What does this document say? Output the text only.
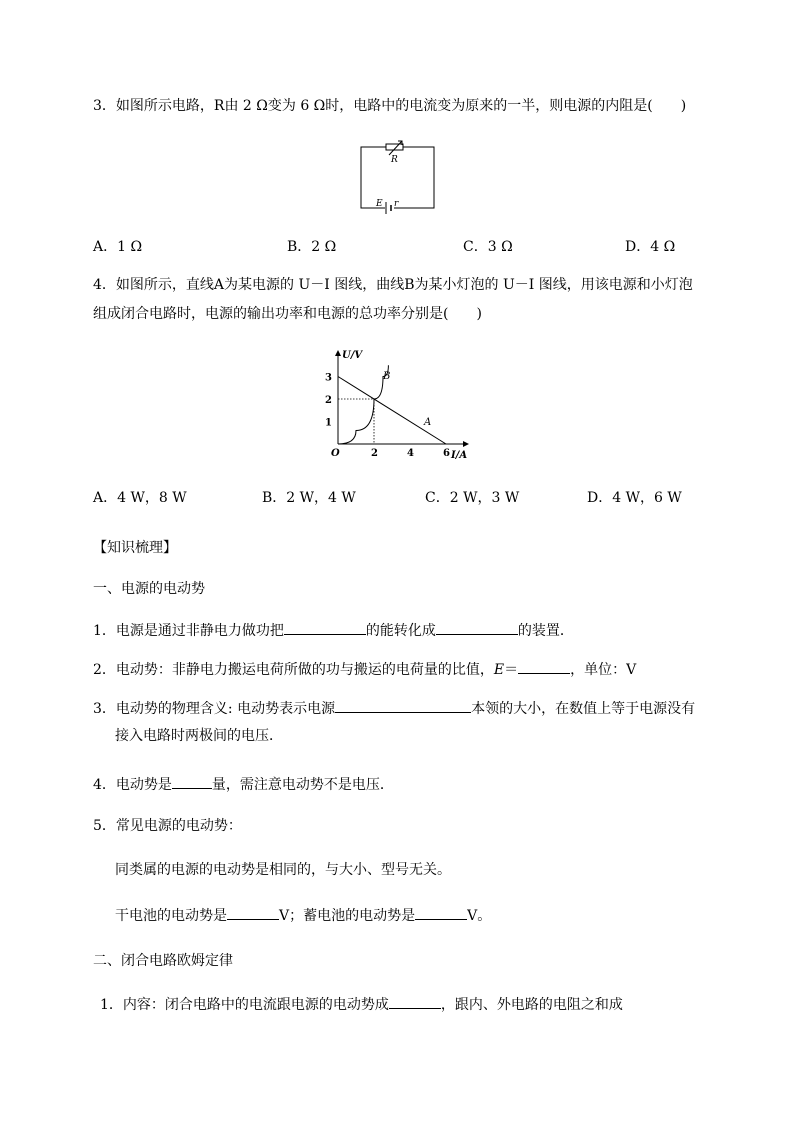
3．如图所示电路，R由 2 Ω变为 6 Ω时，电路中的电流变为原来的一半，则电源的内阻是(　　)
R
E r
A．1 Ω	B．2 Ω	C．3 Ω	D．4 Ω
4．如图所示，直线A为某电源的 U－I 图线，曲线B为某小灯泡的 U－I 图线，用该电源和小灯泡
组成闭合电路时，电源的输出功率和电源的总功率分别是(　　)
U/V
I/A
O	2	4	6
1
2
3
A
B
A．4 W，8 W	B．2 W，4 W	C．2 W，3 W	D．4 W，6 W
【知识梳理】
一、电源的电动势
1．电源是通过非静电力做功把	的能转化成	的装置．
2．电动势：非静电力搬运电荷所做的功与搬运的电荷量的比值，E＝	，单位：V
3．电动势的物理含义: 电动势表示电源	本领的大小，在数值上等于电源没有
接入电路时两极间的电压．
4．电动势是	量，需注意电动势不是电压．
5．常见电源的电动势：
同类属的电源的电动势是相同的，与大小、型号无关。
干电池的电动势是	V；蓄电池的电动势是	V。
二、闭合电路欧姆定律
1．内容：闭合电路中的电流跟电源的电动势成	，跟内、外电路的电阻之和成
